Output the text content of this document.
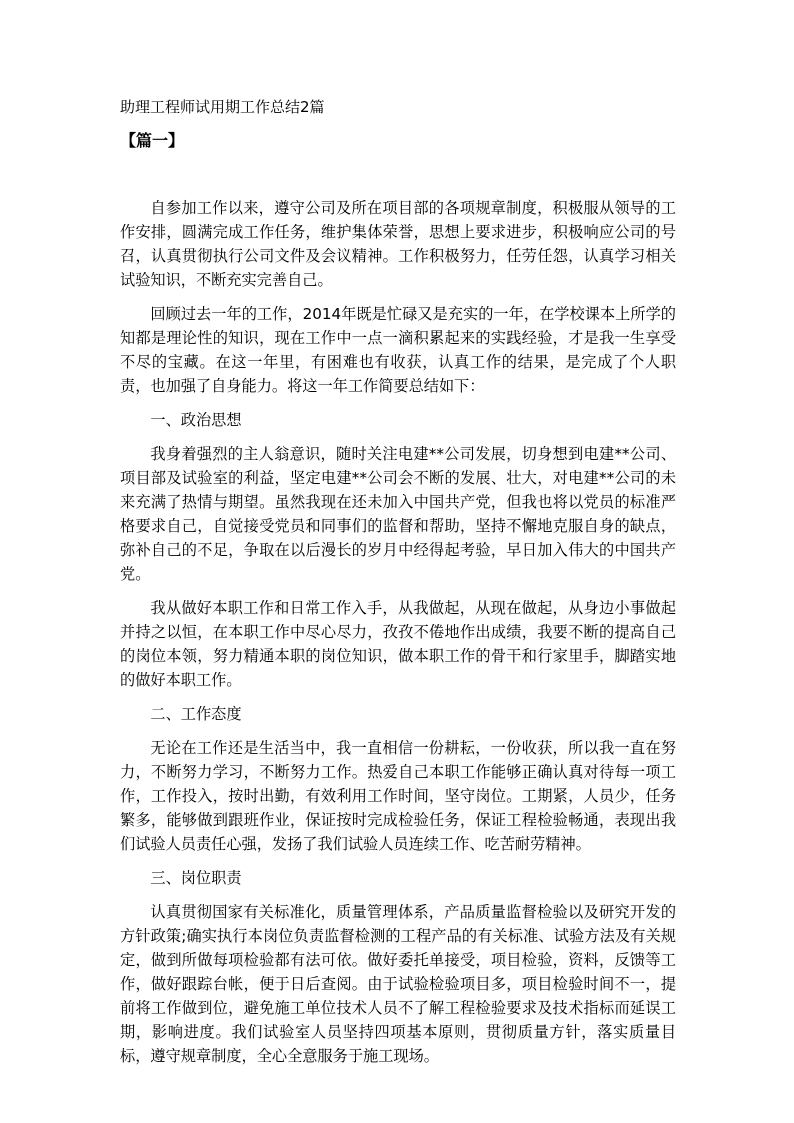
助理工程师试用期工作总结2篇
【篇一】

自参加工作以来，遵守公司及所在项目部的各项规章制度，积极服从领导的工作安排，圆满完成工作任务，维护集体荣誉，思想上要求进步，积极响应公司的号召，认真贯彻执行公司文件及会议精神。工作积极努力，任劳任怨，认真学习相关试验知识，不断充实完善自己。

回顾过去一年的工作，2014年既是忙碌又是充实的一年，在学校课本上所学的知都是理论性的知识，现在工作中一点一滴积累起来的实践经验，才是我一生享受不尽的宝藏。在这一年里，有困难也有收获，认真工作的结果，是完成了个人职责，也加强了自身能力。将这一年工作简要总结如下：

一、政治思想

我身着强烈的主人翁意识，随时关注电建**公司发展，切身想到电建**公司、项目部及试验室的利益，坚定电建**公司会不断的发展、壮大，对电建**公司的未来充满了热情与期望。虽然我现在还未加入中国共产党，但我也将以党员的标准严格要求自己，自觉接受党员和同事们的监督和帮助，坚持不懈地克服自身的缺点，弥补自己的不足，争取在以后漫长的岁月中经得起考验，早日加入伟大的中国共产党。

我从做好本职工作和日常工作入手，从我做起，从现在做起，从身边小事做起并持之以恒，在本职工作中尽心尽力，孜孜不倦地作出成绩，我要不断的提高自己的岗位本领，努力精通本职的岗位知识，做本职工作的骨干和行家里手，脚踏实地的做好本职工作。

二、工作态度

无论在工作还是生活当中，我一直相信一份耕耘，一份收获，所以我一直在努力，不断努力学习，不断努力工作。热爱自己本职工作能够正确认真对待每一项工作，工作投入，按时出勤，有效利用工作时间，坚守岗位。工期紧，人员少，任务繁多，能够做到跟班作业，保证按时完成检验任务，保证工程检验畅通，表现出我们试验人员责任心强，发扬了我们试验人员连续工作、吃苦耐劳精神。

三、岗位职责

认真贯彻国家有关标准化，质量管理体系，产品质量监督检验以及研究开发的方针政策;确实执行本岗位负责监督检测的工程产品的有关标准、试验方法及有关规定，做到所做每项检验都有法可依。做好委托单接受，项目检验，资料，反馈等工作，做好跟踪台帐，便于日后查阅。由于试验检验项目多，项目检验时间不一，提前将工作做到位，避免施工单位技术人员不了解工程检验要求及技术指标而延误工期，影响进度。我们试验室人员坚持四项基本原则，贯彻质量方针，落实质量目标，遵守规章制度，全心全意服务于施工现场。
